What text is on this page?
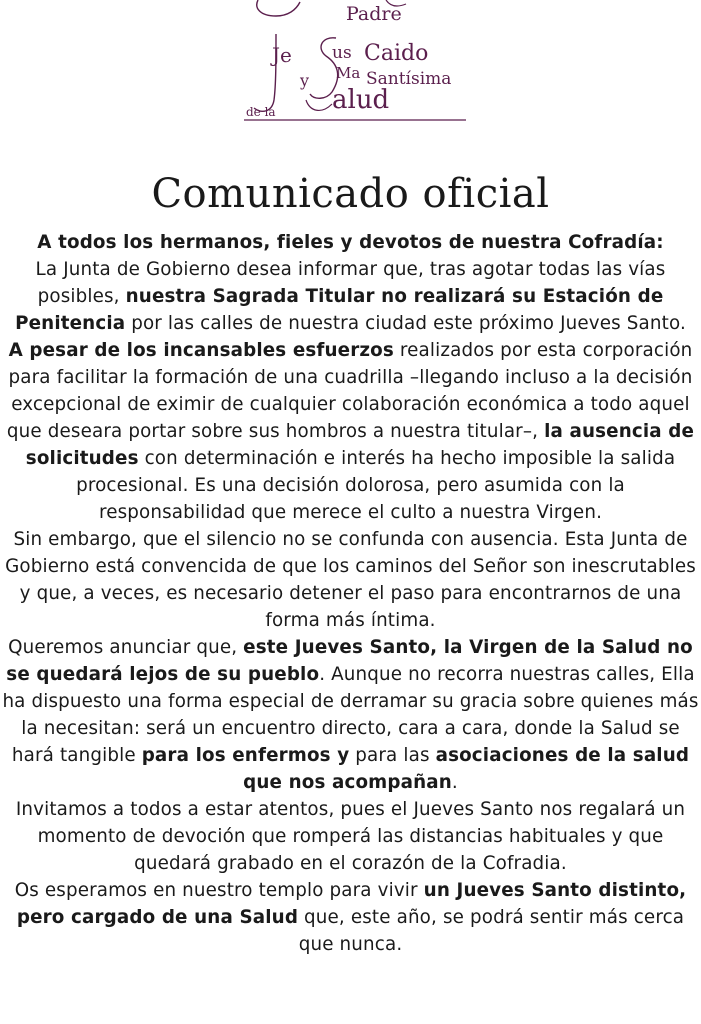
Padre
Je us Caido
y Ma Santísima
de la alud
Comunicado oficial

A todos los hermanos, fieles y devotos de nuestra Cofradía:

La Junta de Gobierno desea informar que, tras agotar todas las vías posibles, nuestra Sagrada Titular no realizará su Estación de Penitencia por las calles de nuestra ciudad este próximo Jueves Santo.

A pesar de los incansables esfuerzos realizados por esta corporación para facilitar la formación de una cuadrilla –llegando incluso a la decisión excepcional de eximir de cualquier colaboración económica a todo aquel que deseara portar sobre sus hombros a nuestra titular–, la ausencia de solicitudes con determinación e interés ha hecho imposible la salida procesional. Es una decisión dolorosa, pero asumida con la responsabilidad que merece el culto a nuestra Virgen.

Sin embargo, que el silencio no se confunda con ausencia. Esta Junta de Gobierno está convencida de que los caminos del Señor son inescrutables y que, a veces, es necesario detener el paso para encontrarnos de una forma más íntima.

Queremos anunciar que, este Jueves Santo, la Virgen de la Salud no se quedará lejos de su pueblo. Aunque no recorra nuestras calles, Ella ha dispuesto una forma especial de derramar su gracia sobre quienes más la necesitan: será un encuentro directo, cara a cara, donde la Salud se hará tangible para los enfermos y para las asociaciones de la salud que nos acompañan.

Invitamos a todos a estar atentos, pues el Jueves Santo nos regalará un momento de devoción que romperá las distancias habituales y que quedará grabado en el corazón de la Cofradia.

Os esperamos en nuestro templo para vivir un Jueves Santo distinto, pero cargado de una Salud que, este año, se podrá sentir más cerca que nunca.
